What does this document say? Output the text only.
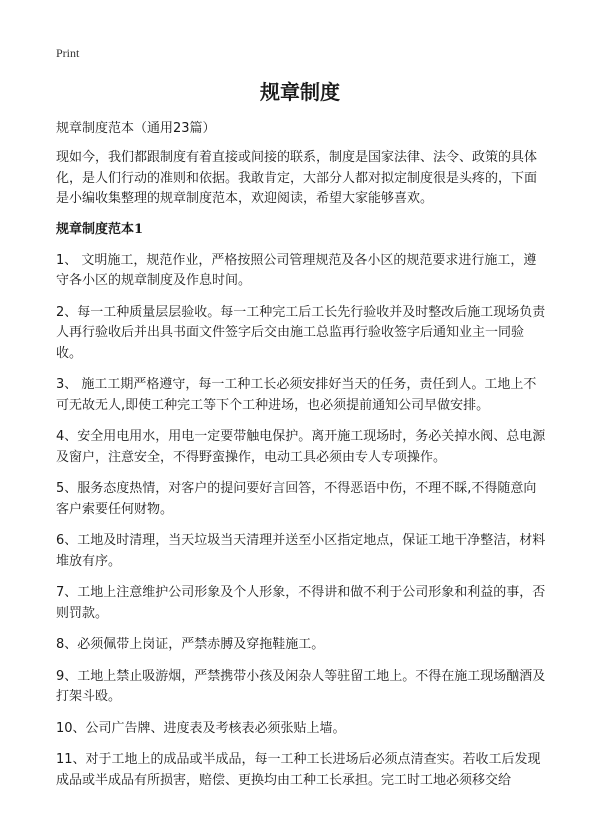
Print
规章制度

规章制度范本（通用23篇）

现如今，我们都跟制度有着直接或间接的联系，制度是国家法律、法令、政策的具体化，是人们行动的准则和依据。我敢肯定，大部分人都对拟定制度很是头疼的，下面是小编收集整理的规章制度范本，欢迎阅读，希望大家能够喜欢。

规章制度范本1

1、 文明施工，规范作业，严格按照公司管理规范及各小区的规范要求进行施工，遵守各小区的规章制度及作息时间。

2、每一工种质量层层验收。每一工种完工后工长先行验收并及时整改后施工现场负责人再行验收后并出具书面文件签字后交由施工总监再行验收签字后通知业主一同验收。

3、 施工工期严格遵守，每一工种工长必须安排好当天的任务，责任到人。工地上不可无故无人,即使工种完工等下个工种进场，也必须提前通知公司早做安排。

4、安全用电用水，用电一定要带触电保护。离开施工现场时，务必关掉水阀、总电源及窗户，注意安全，不得野蛮操作，电动工具必须由专人专项操作。

5、服务态度热情，对客户的提问要好言回答，不得恶语中伤，不理不睬,不得随意向客户索要任何财物。

6、工地及时清理，当天垃圾当天清理并送至小区指定地点，保证工地干净整洁，材料堆放有序。

7、工地上注意维护公司形象及个人形象，不得讲和做不利于公司形象和利益的事，否则罚款。

8、必须佩带上岗证，严禁赤膊及穿拖鞋施工。

9、工地上禁止吸游烟，严禁携带小孩及闲杂人等驻留工地上。不得在施工现场酗酒及打架斗殴。

10、公司广告牌、进度表及考核表必须张贴上墙。

11、对于工地上的成品或半成品，每一工种工长进场后必须点清查实。若收工后发现成品或半成品有所损害，赔偿、更换均由工种工长承担。完工时工地必须移交给
